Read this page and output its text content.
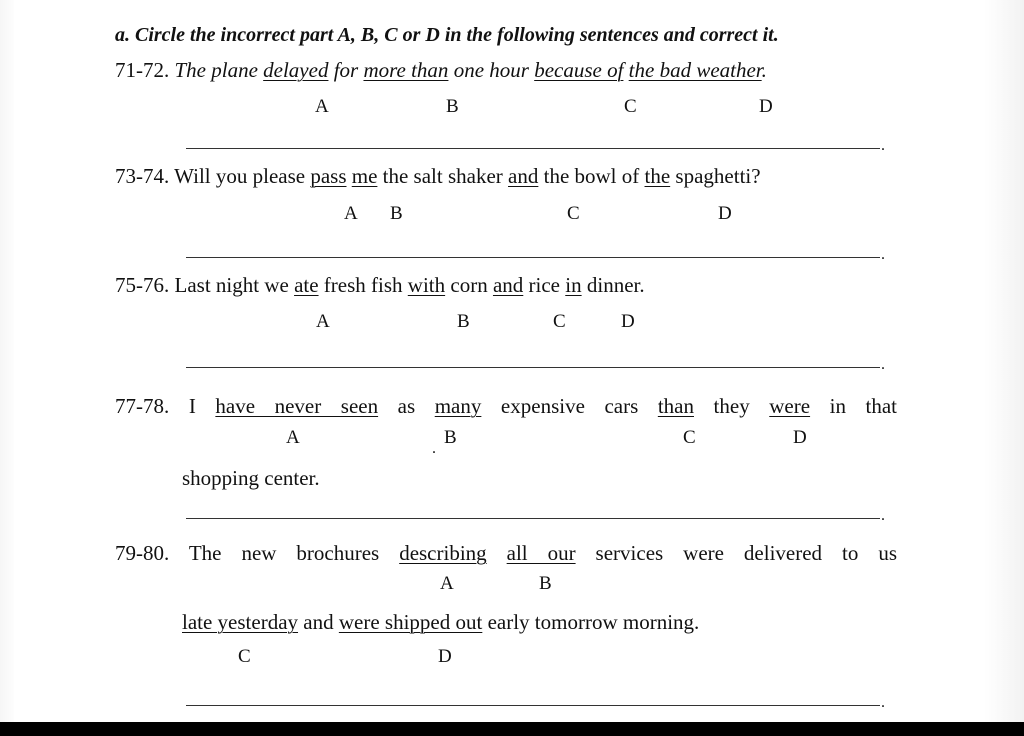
a. Circle the incorrect part A, B, C or D in the following sentences and correct it.
71-72. The plane delayed for more than one hour because of the bad weather.
A	B	C	D
.
73-74. Will you please pass me the salt shaker and the bowl of the spaghetti?
A B	C	D
.
75-76. Last night we ate fresh fish with corn and rice in dinner.
A	B	C	D
.
77-78. I have never seen as many expensive cars than they were in that
A	B
.
C	D
shopping center.
.
79-80. The new brochures describing all our services were delivered to us
A	B
late yesterday and were shipped out early tomorrow morning.
C	D
.
